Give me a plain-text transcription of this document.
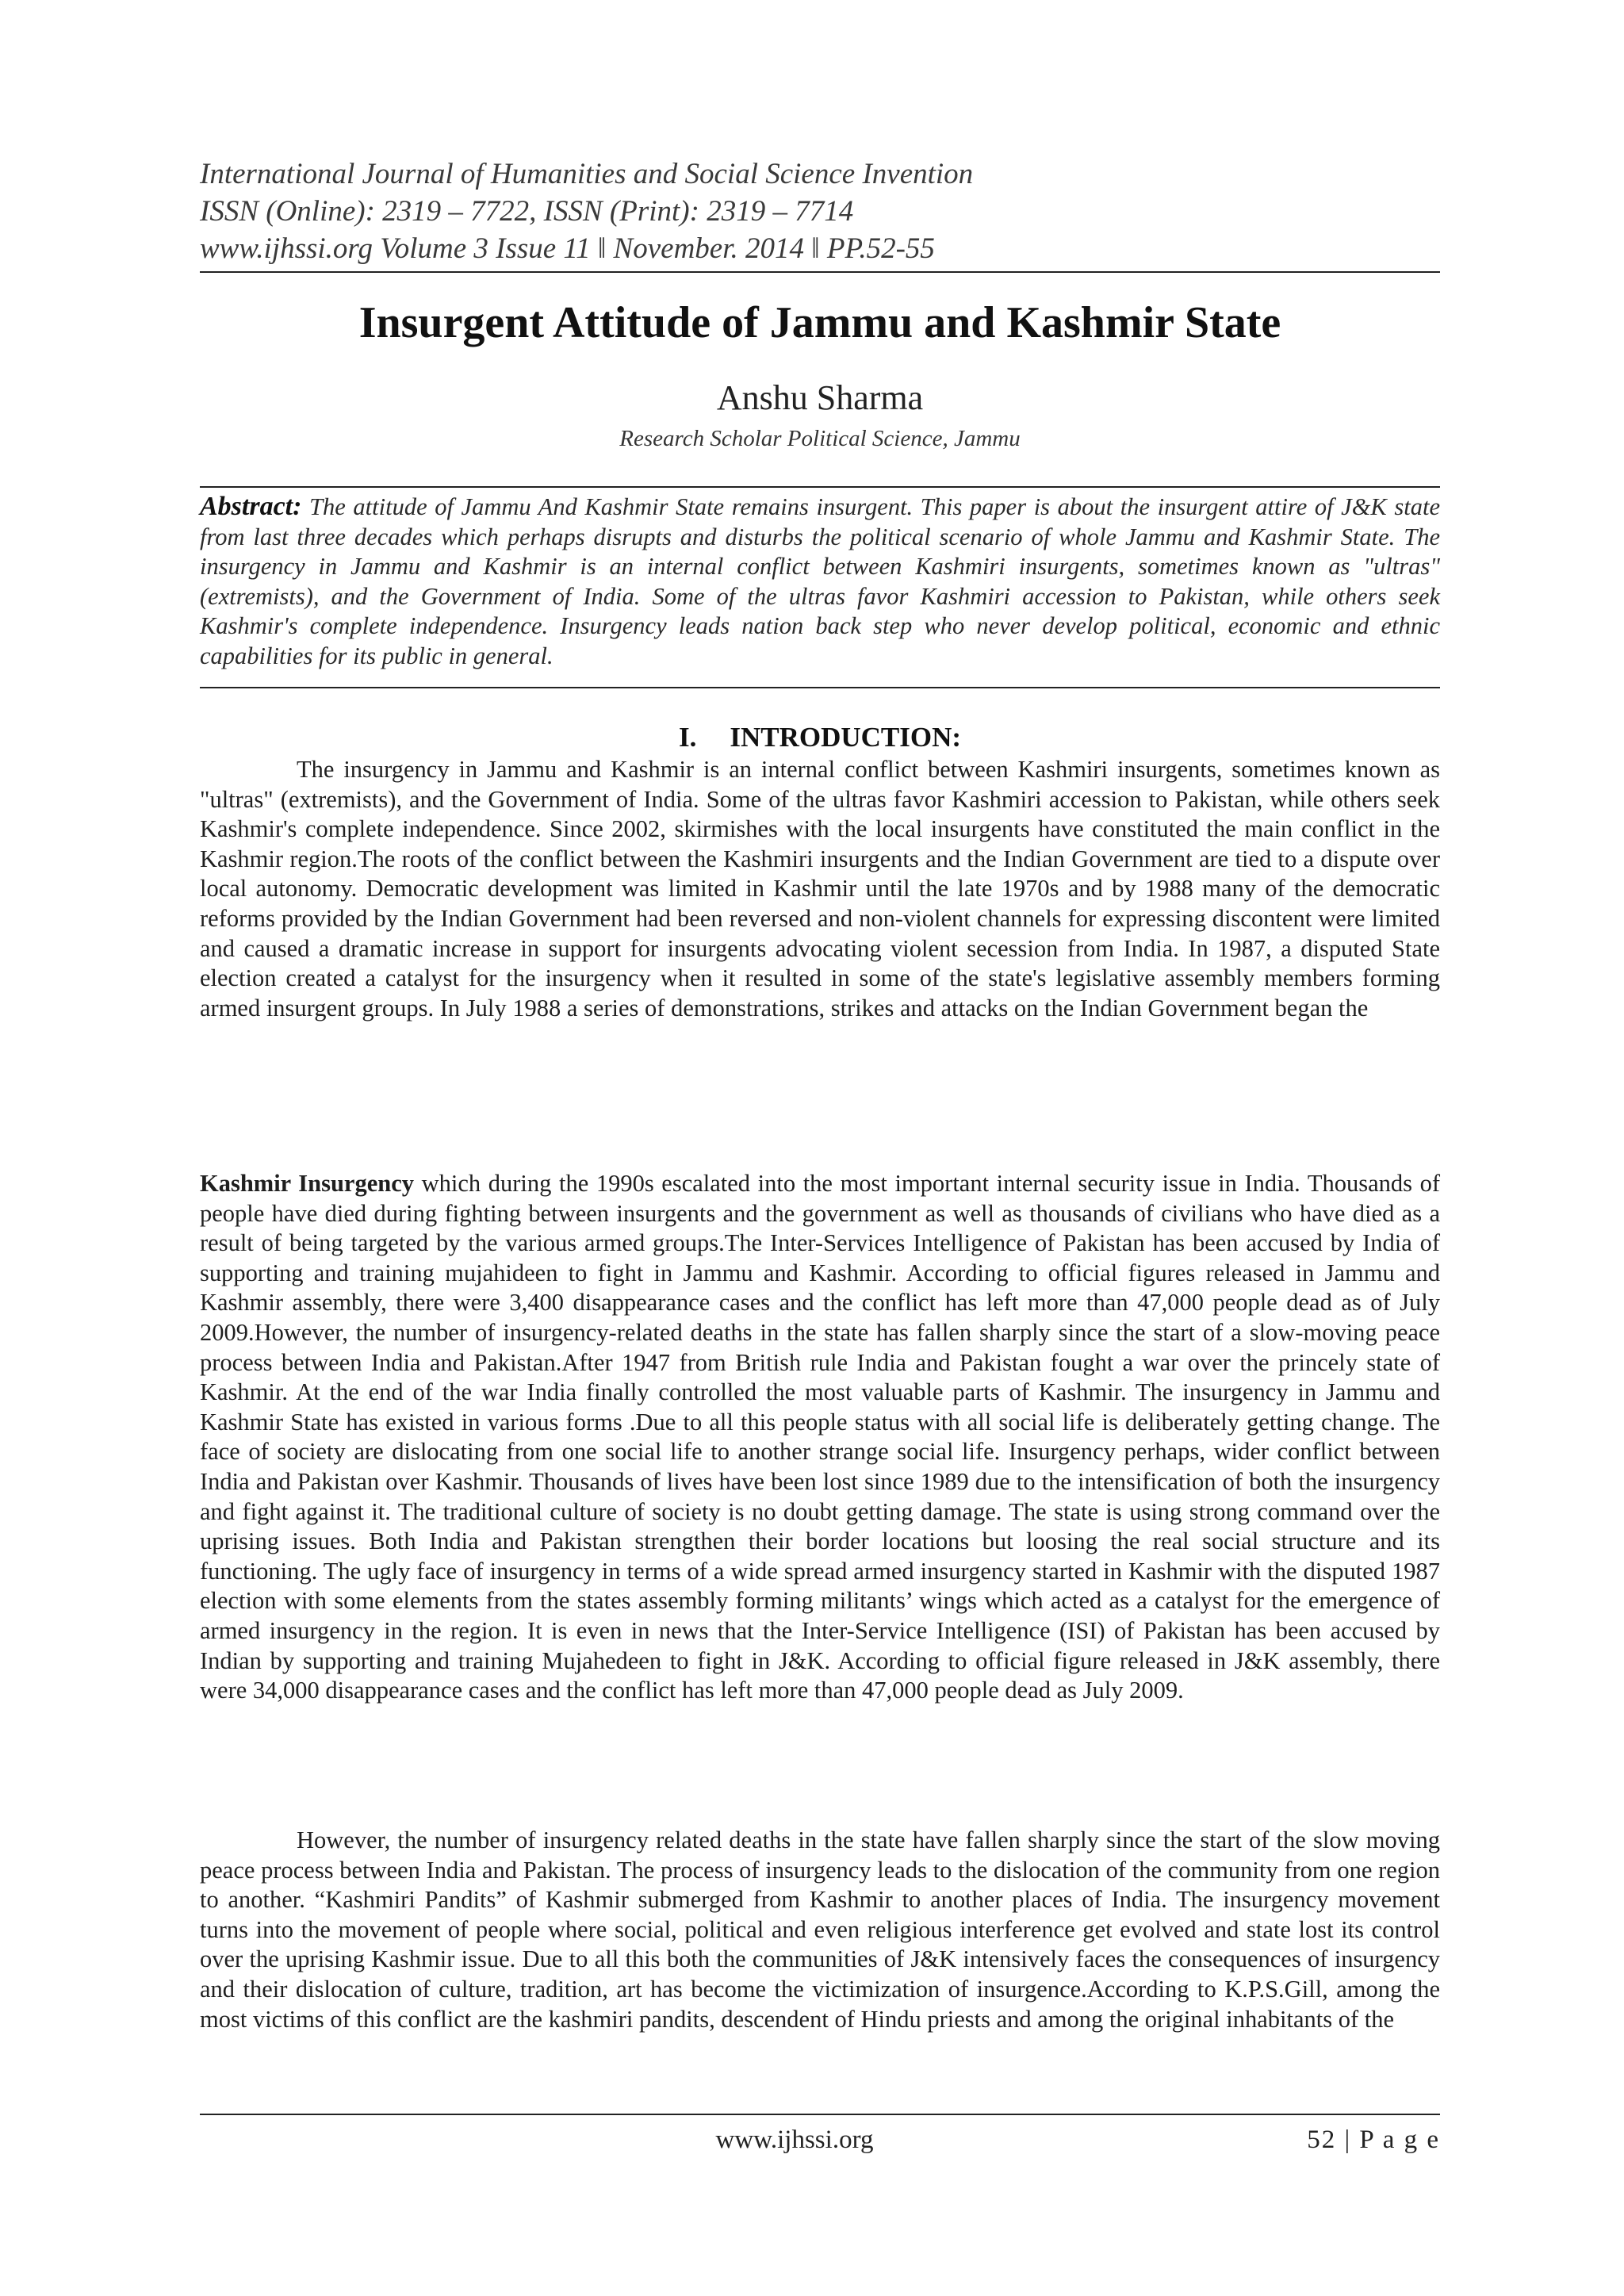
International Journal of Humanities and Social Science Invention
ISSN (Online): 2319 – 7722, ISSN (Print): 2319 – 7714
www.ijhssi.org Volume 3 Issue 11 ǁ November. 2014 ǁ PP.52-55
Insurgent Attitude of Jammu and Kashmir State
Anshu Sharma
Research Scholar Political Science, Jammu
Abstract: The attitude of Jammu And Kashmir State remains insurgent. This paper is about the insurgent attire of J&K state from last three decades which perhaps disrupts and disturbs the political scenario of whole Jammu and Kashmir State. The insurgency in Jammu and Kashmir is an internal conflict between Kashmiri insurgents, sometimes known as "ultras" (extremists), and the Government of India. Some of the ultras favor Kashmiri accession to Pakistan, while others seek Kashmir's complete independence. Insurgency leads nation back step who never develop political, economic and ethnic capabilities for its public in general.
I. INTRODUCTION:

The insurgency in Jammu and Kashmir is an internal conflict between Kashmiri insurgents, sometimes known as "ultras" (extremists), and the Government of India. Some of the ultras favor Kashmiri accession to Pakistan, while others seek Kashmir's complete independence. Since 2002, skirmishes with the local insurgents have constituted the main conflict in the Kashmir region.The roots of the conflict between the Kashmiri insurgents and the Indian Government are tied to a dispute over local autonomy. Democratic development was limited in Kashmir until the late 1970s and by 1988 many of the democratic reforms provided by the Indian Government had been reversed and non-violent channels for expressing discontent were limited and caused a dramatic increase in support for insurgents advocating violent secession from India. In 1987, a disputed State election created a catalyst for the insurgency when it resulted in some of the state's legislative assembly members forming armed insurgent groups. In July 1988 a series of demonstrations, strikes and attacks on the Indian Government began the

Kashmir Insurgency which during the 1990s escalated into the most important internal security issue in India. Thousands of people have died during fighting between insurgents and the government as well as thousands of civilians who have died as a result of being targeted by the various armed groups.The Inter-Services Intelligence of Pakistan has been accused by India of supporting and training mujahideen to fight in Jammu and Kashmir. According to official figures released in Jammu and Kashmir assembly, there were 3,400 disappearance cases and the conflict has left more than 47,000 people dead as of July 2009.However, the number of insurgency-related deaths in the state has fallen sharply since the start of a slow-moving peace process between India and Pakistan.After 1947 from British rule India and Pakistan fought a war over the princely state of Kashmir. At the end of the war India finally controlled the most valuable parts of Kashmir. The insurgency in Jammu and Kashmir State has existed in various forms .Due to all this people status with all social life is deliberately getting change. The face of society are dislocating from one social life to another strange social life. Insurgency perhaps, wider conflict between India and Pakistan over Kashmir. Thousands of lives have been lost since 1989 due to the intensification of both the insurgency and fight against it. The traditional culture of society is no doubt getting damage. The state is using strong command over the uprising issues. Both India and Pakistan strengthen their border locations but loosing the real social structure and its functioning. The ugly face of insurgency in terms of a wide spread armed insurgency started in Kashmir with the disputed 1987 election with some elements from the states assembly forming militants’ wings which acted as a catalyst for the emergence of armed insurgency in the region. It is even in news that the Inter-Service Intelligence (ISI) of Pakistan has been accused by Indian by supporting and training Mujahedeen to fight in J&K. According to official figure released in J&K assembly, there were 34,000 disappearance cases and the conflict has left more than 47,000 people dead as July 2009.

However, the number of insurgency related deaths in the state have fallen sharply since the start of the slow moving peace process between India and Pakistan. The process of insurgency leads to the dislocation of the community from one region to another. “Kashmiri Pandits” of Kashmir submerged from Kashmir to another places of India. The insurgency movement turns into the movement of people where social, political and even religious interference get evolved and state lost its control over the uprising Kashmir issue. Due to all this both the communities of J&K intensively faces the consequences of insurgency and their dislocation of culture, tradition, art has become the victimization of insurgence.According to K.P.S.Gill, among the most victims of this conflict are the kashmiri pandits, descendent of Hindu priests and among the original inhabitants of the

www.ijhssi.org	52 | P a g e
